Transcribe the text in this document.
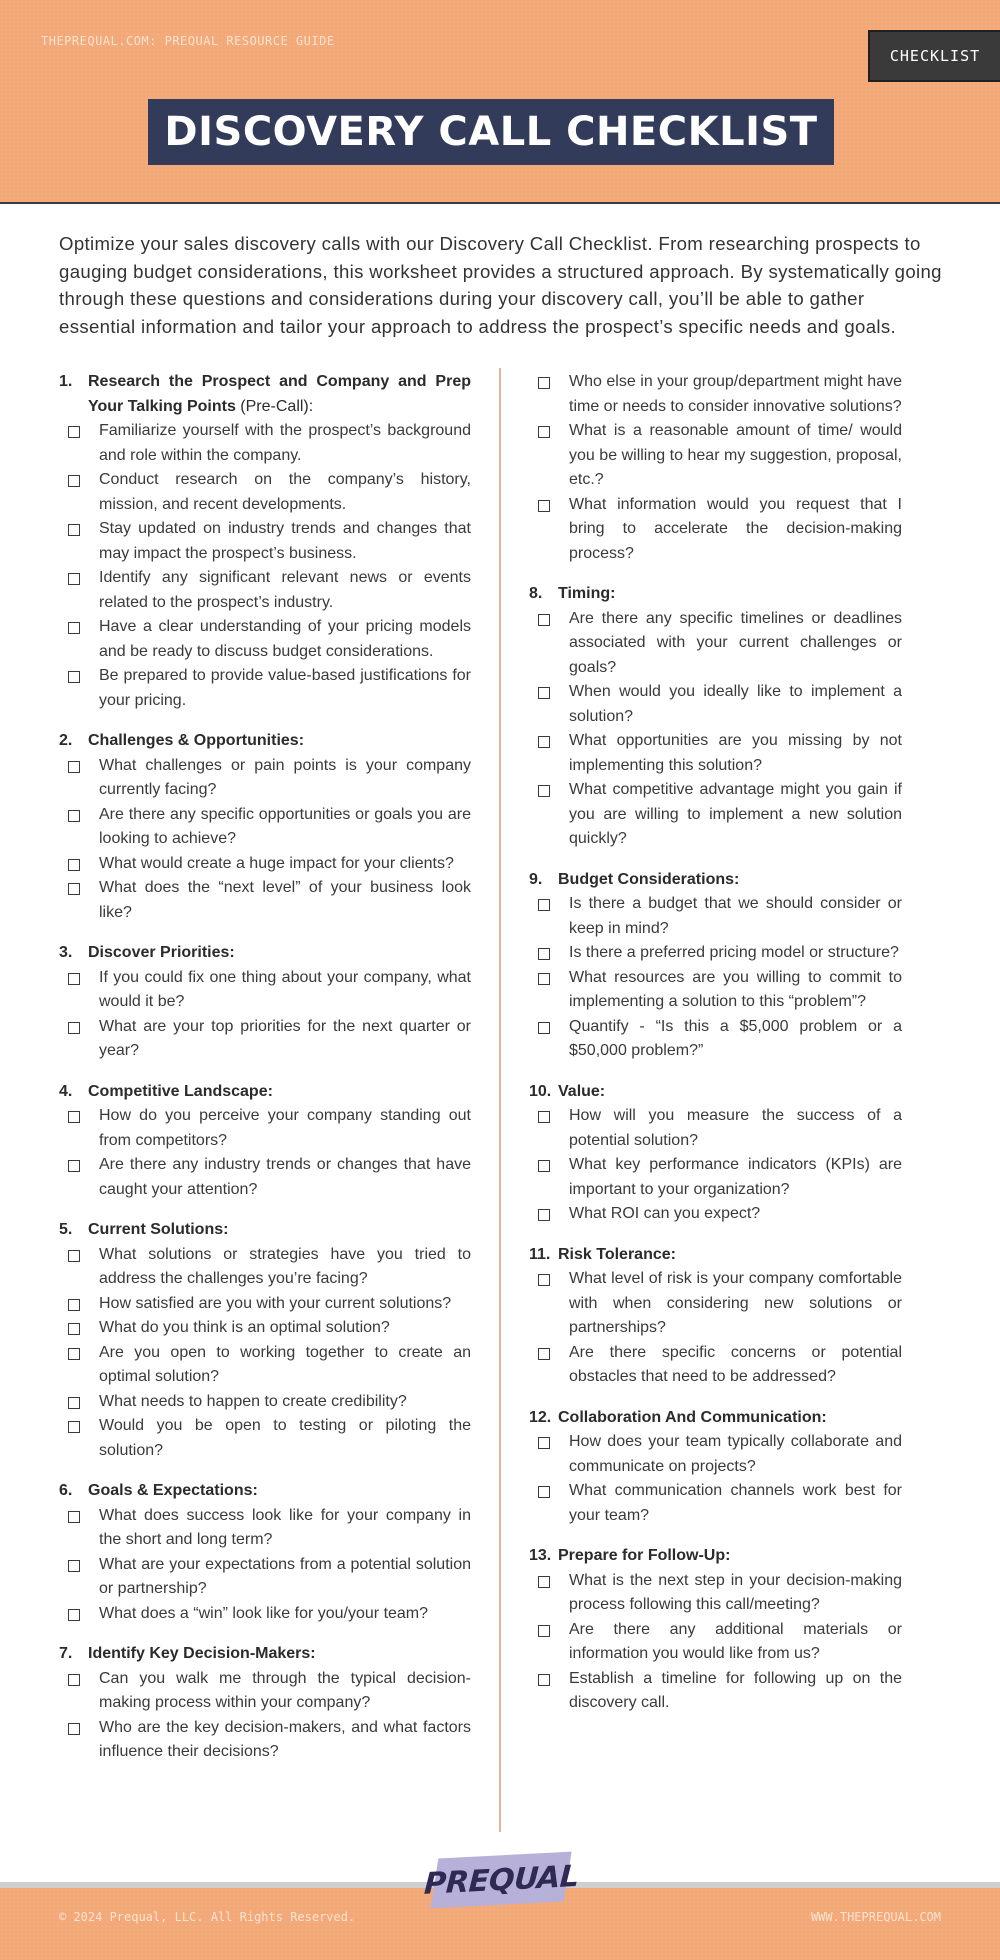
THEPREQUAL.COM: PREQUAL RESOURCE GUIDE
CHECKLIST
DISCOVERY CALL CHECKLIST

Optimize your sales discovery calls with our Discovery Call Checklist. From researching prospects to gauging budget considerations, this worksheet provides a structured approach. By systematically going through these questions and considerations during your discovery call, you’ll be able to gather essential information and tailor your approach to address the prospect’s specific needs and goals.

1. Research the Prospect and Company and Prep Your Talking Points (Pre-Call):
Familiarize yourself with the prospect’s background and role within the company.
Conduct research on the company’s history, mission, and recent developments.
Stay updated on industry trends and changes that may impact the prospect’s business.
Identify any significant relevant news or events related to the prospect’s industry.
Have a clear understanding of your pricing models and be ready to discuss budget considerations.
Be prepared to provide value-based justifications for your pricing.
2. Challenges & Opportunities:
What challenges or pain points is your company currently facing?
Are there any specific opportunities or goals you are looking to achieve?
What would create a huge impact for your clients?
What does the “next level” of your business look like?
3. Discover Priorities:
If you could fix one thing about your company, what would it be?
What are your top priorities for the next quarter or year?
4. Competitive Landscape:
How do you perceive your company standing out from competitors?
Are there any industry trends or changes that have caught your attention?
5. Current Solutions:
What solutions or strategies have you tried to address the challenges you’re facing?
How satisfied are you with your current solutions?
What do you think is an optimal solution?
Are you open to working together to create an optimal solution?
What needs to happen to create credibility?
Would you be open to testing or piloting the solution?
6. Goals & Expectations:
What does success look like for your company in the short and long term?
What are your expectations from a potential solution or partnership?
What does a “win” look like for you/your team?
7. Identify Key Decision-Makers:
Can you walk me through the typical decision-making process within your company?
Who are the key decision-makers, and what factors influence their decisions?
Who else in your group/department might have time or needs to consider innovative solutions?
What is a reasonable amount of time/ would you be willing to hear my suggestion, proposal, etc.?
What information would you request that I bring to accelerate the decision-making process?
8. Timing:
Are there any specific timelines or deadlines associated with your current challenges or goals?
When would you ideally like to implement a solution?
What opportunities are you missing by not implementing this solution?
What competitive advantage might you gain if you are willing to implement a new solution quickly?
9. Budget Considerations:
Is there a budget that we should consider or keep in mind?
Is there a preferred pricing model or structure?
What resources are you willing to commit to implementing a solution to this “problem”?
Quantify - “Is this a $5,000 problem or a $50,000 problem?”
10. Value:
How will you measure the success of a potential solution?
What key performance indicators (KPIs) are important to your organization?
What ROI can you expect?
11. Risk Tolerance:
What level of risk is your company comfortable with when considering new solutions or partnerships?
Are there specific concerns or potential obstacles that need to be addressed?
12. Collaboration And Communication:
How does your team typically collaborate and communicate on projects?
What communication channels work best for your team?
13. Prepare for Follow-Up:
What is the next step in your decision-making process following this call/meeting?
Are there any additional materials or information you would like from us?
Establish a timeline for following up on the discovery call.
© 2024 Prequal, LLC. All Rights Reserved.	WWW.THEPREQUAL.COM
PREQUAL
